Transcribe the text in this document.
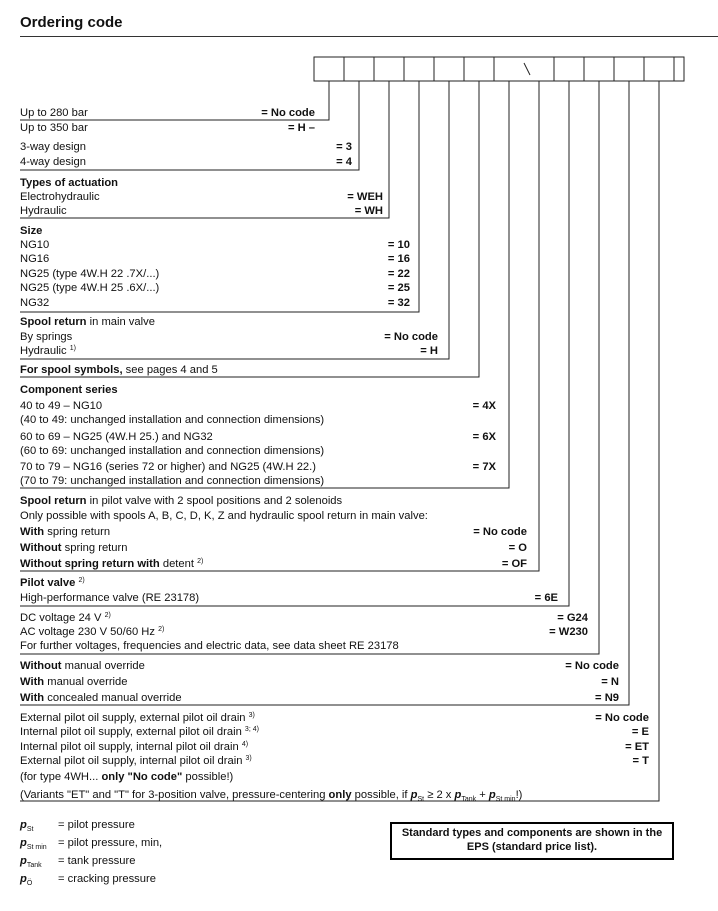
Ordering code
Up to 280 bar	= No code
Up to 350 bar	= H –
3-way design	= 3
4-way design	= 4
Types of actuation
Electrohydraulic	= WEH
Hydraulic	= WH
Size
NG10	= 10
NG16	= 16
NG25 (type 4W.H 22 .7X/...)	= 22
NG25 (type 4W.H 25 .6X/...)	= 25
NG32	= 32
Spool return in main valve
By springs	= No code
Hydraulic $^{1)}$	= H
For spool symbols, see pages 4 and 5
Component series
40 to 49 – NG10	= 4X
(40 to 49: unchanged installation and connection dimensions)
60 to 69 – NG25 (4W.H 25.) and NG32	= 6X
(60 to 69: unchanged installation and connection dimensions)
70 to 79 – NG16 (series 72 or higher) and NG25 (4W.H 22.)	= 7X
(70 to 79: unchanged installation and connection dimensions)
Spool return in pilot valve with 2 spool positions and 2 solenoids
Only possible with spools A, B, C, D, K, Z and hydraulic spool return in main valve:
With spring return	= No code
Without spring return	= O
Without spring return with detent $^{2)}$	= OF
Pilot valve $^{2)}$
High-performance valve (RE 23178)	= 6E
DC voltage 24 V $^{2)}$	= G24
AC voltage 230 V 50/60 Hz $^{2)}$	= W230
For further voltages, frequencies and electric data, see data sheet RE 23178
Without manual override	= No code
With manual override	= N
With concealed manual override	= N9
External pilot oil supply, external pilot oil drain $^{3)}$	= No code
Internal pilot oil supply, external pilot oil drain $^{3; 4)}$	= E
Internal pilot oil supply, internal pilot oil drain $^{4)}$	= ET
External pilot oil supply, internal pilot oil drain $^{3)}$	= T
(for type 4WH... only "No code" possible!)
(Variants "ET" and "T" for 3-position valve, pressure-centering only possible, if $p_{St} \ge 2$ x $p_{Tank} + p_{St min}$!)
$p_{St}$ = pilot pressure
$p_{St min}$ = pilot pressure, min,
$p_{Tank} = \tan k$ pressure
$p_Ö$ = cracking pressure
Standard types and components are shown in the EPS (standard price list).
